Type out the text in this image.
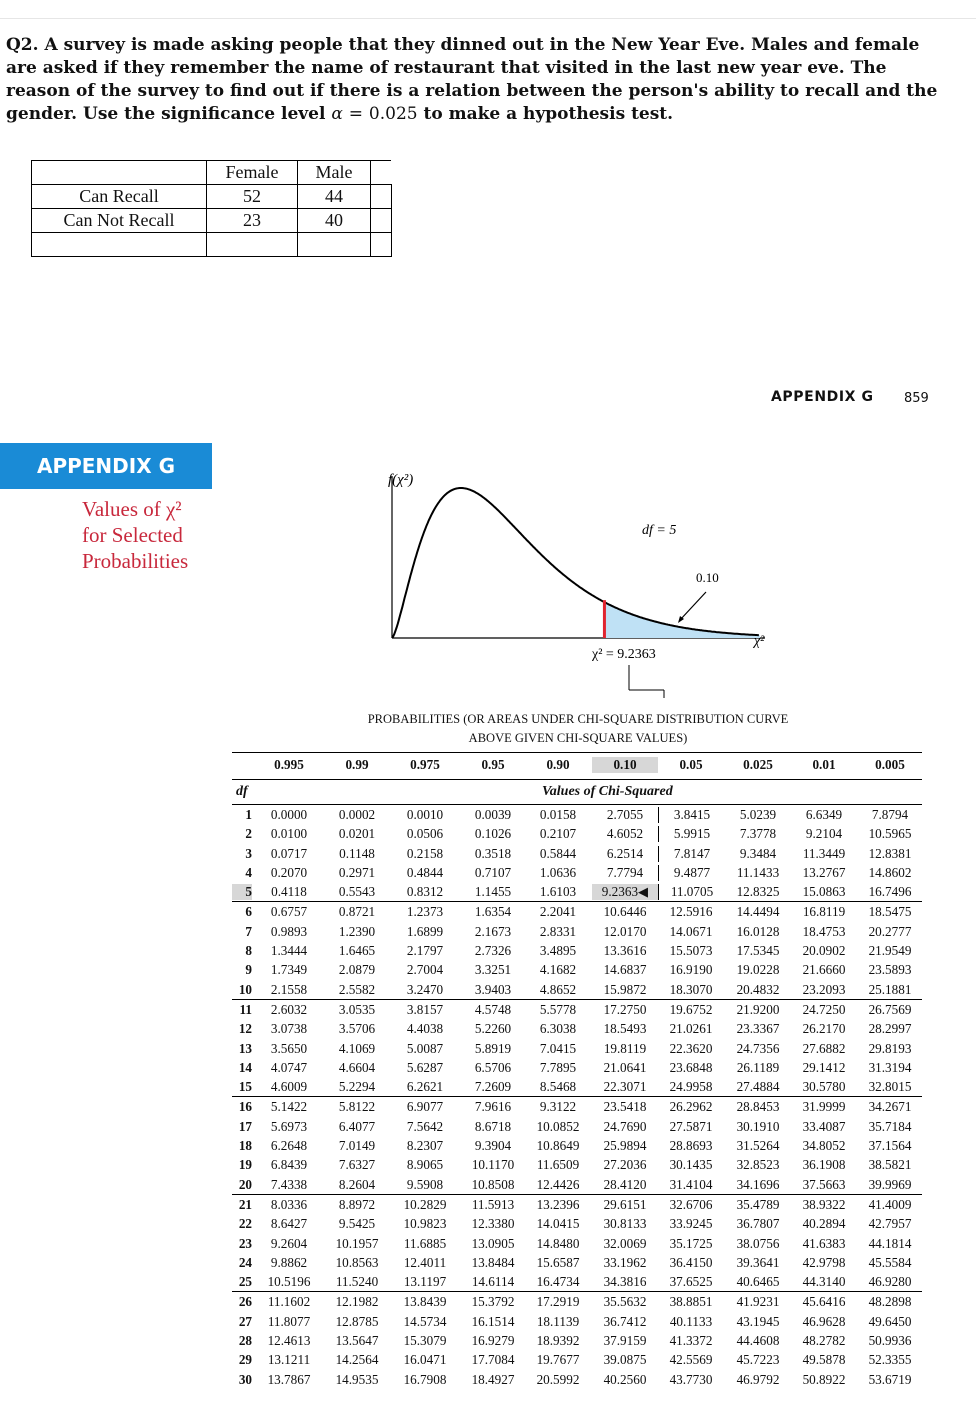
Q2. A survey is made asking people that they dinned out in the New Year Eve. Males and female are asked if they remember the name of restaurant that visited in the last new year eve. The reason of the survey to find out if there is a relation between the person's ability to recall and the gender. Use the significance level α = 0.025 to make a hypothesis test.
	Female	Male	
Can Recall	52	44	
Can Not Recall	23	40	

APPENDIX G 859
APPENDIX G
Values of χ²
for Selected
Probabilities
f(χ²)
df = 5
0.10
χ²
χ² = 9.2363
PROBABILITIES (OR AREAS UNDER CHI-SQUARE DISTRIBUTION CURVE
ABOVE GIVEN CHI-SQUARE VALUES)
0.995	0.99	0.975	0.95	0.90	0.10	0.05	0.025	0.01	0.005
df	Values of Chi-Squared
1	0.0000	0.0002	0.0010	0.0039	0.0158	2.7055	3.8415	5.0239	6.6349	7.8794
2	0.0100	0.0201	0.0506	0.1026	0.2107	4.6052	5.9915	7.3778	9.2104	10.5965
3	0.0717	0.1148	0.2158	0.3518	0.5844	6.2514	7.8147	9.3484	11.3449	12.8381
4	0.2070	0.2971	0.4844	0.7107	1.0636	7.7794	9.4877	11.1433	13.2767	14.8602
5	0.4118	0.5543	0.8312	1.1455	1.6103	9.2363◀	11.0705	12.8325	15.0863	16.7496
6	0.6757	0.8721	1.2373	1.6354	2.2041	10.6446	12.5916	14.4494	16.8119	18.5475
7	0.9893	1.2390	1.6899	2.1673	2.8331	12.0170	14.0671	16.0128	18.4753	20.2777
8	1.3444	1.6465	2.1797	2.7326	3.4895	13.3616	15.5073	17.5345	20.0902	21.9549
9	1.7349	2.0879	2.7004	3.3251	4.1682	14.6837	16.9190	19.0228	21.6660	23.5893
10	2.1558	2.5582	3.2470	3.9403	4.8652	15.9872	18.3070	20.4832	23.2093	25.1881
11	2.6032	3.0535	3.8157	4.5748	5.5778	17.2750	19.6752	21.9200	24.7250	26.7569
12	3.0738	3.5706	4.4038	5.2260	6.3038	18.5493	21.0261	23.3367	26.2170	28.2997
13	3.5650	4.1069	5.0087	5.8919	7.0415	19.8119	22.3620	24.7356	27.6882	29.8193
14	4.0747	4.6604	5.6287	6.5706	7.7895	21.0641	23.6848	26.1189	29.1412	31.3194
15	4.6009	5.2294	6.2621	7.2609	8.5468	22.3071	24.9958	27.4884	30.5780	32.8015
16	5.1422	5.8122	6.9077	7.9616	9.3122	23.5418	26.2962	28.8453	31.9999	34.2671
17	5.6973	6.4077	7.5642	8.6718	10.0852	24.7690	27.5871	30.1910	33.4087	35.7184
18	6.2648	7.0149	8.2307	9.3904	10.8649	25.9894	28.8693	31.5264	34.8052	37.1564
19	6.8439	7.6327	8.9065	10.1170	11.6509	27.2036	30.1435	32.8523	36.1908	38.5821
20	7.4338	8.2604	9.5908	10.8508	12.4426	28.4120	31.4104	34.1696	37.5663	39.9969
21	8.0336	8.8972	10.2829	11.5913	13.2396	29.6151	32.6706	35.4789	38.9322	41.4009
22	8.6427	9.5425	10.9823	12.3380	14.0415	30.8133	33.9245	36.7807	40.2894	42.7957
23	9.2604	10.1957	11.6885	13.0905	14.8480	32.0069	35.1725	38.0756	41.6383	44.1814
24	9.8862	10.8563	12.4011	13.8484	15.6587	33.1962	36.4150	39.3641	42.9798	45.5584
25	10.5196	11.5240	13.1197	14.6114	16.4734	34.3816	37.6525	40.6465	44.3140	46.9280
26	11.1602	12.1982	13.8439	15.3792	17.2919	35.5632	38.8851	41.9231	45.6416	48.2898
27	11.8077	12.8785	14.5734	16.1514	18.1139	36.7412	40.1133	43.1945	46.9628	49.6450
28	12.4613	13.5647	15.3079	16.9279	18.9392	37.9159	41.3372	44.4608	48.2782	50.9936
29	13.1211	14.2564	16.0471	17.7084	19.7677	39.0875	42.5569	45.7223	49.5878	52.3355
30	13.7867	14.9535	16.7908	18.4927	20.5992	40.2560	43.7730	46.9792	50.8922	53.6719
